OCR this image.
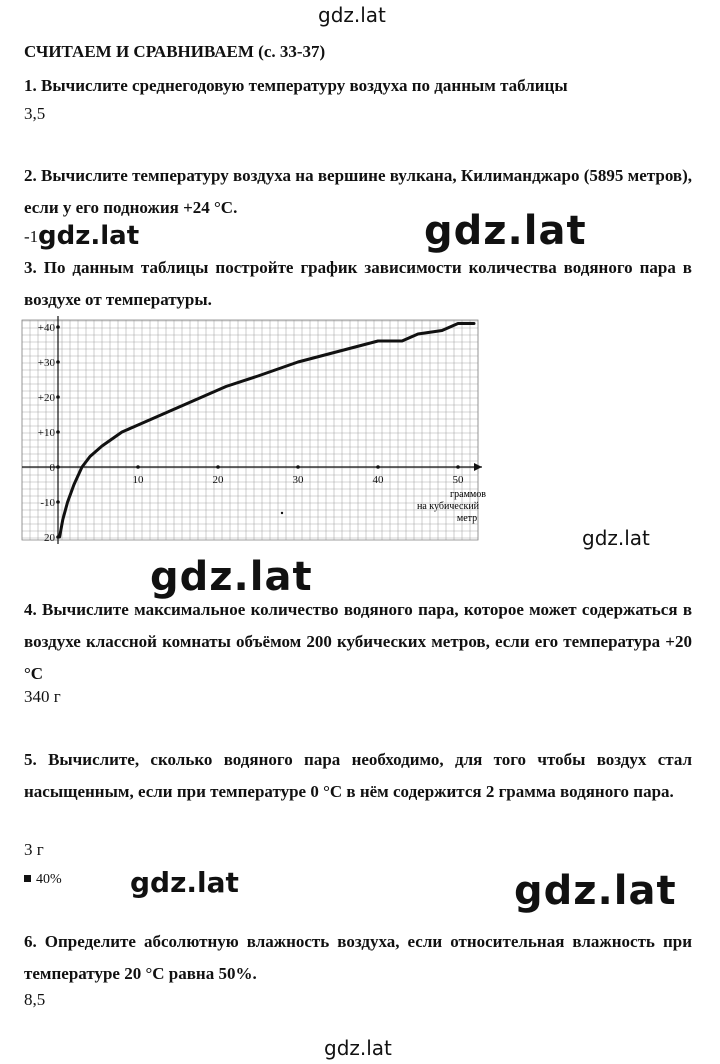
gdz.lat
СЧИТАЕМ И СРАВНИВАЕМ (с. 33-37)
1. Вычислите среднегодовую температуру воздуха по данным таблицы
3,5
2. Вычислите температуру воздуха на вершине вулкана, Килиманджаро (5895 метров), если у его подножия +24 °С.
-1 gdz.lat	gdz.lat
3. По данным таблицы постройте график зависимости количества водяного пара в воздухе от температуры.
+40
+30
+20
+10
0
-10
20
10	20	30	40	50
граммов
на кубический
метр
gdz.lat
gdz.lat
4. Вычислите максимальное количество водяного пара, которое может содержаться в воздухе классной комнаты объёмом 200 кубических метров, если его температура +20 °С
340 г
5. Вычислите, сколько водяного пара необходимо, для того чтобы воздух стал насыщенным, если при температуре 0 °С в нём содержится 2 грамма водяного пара.
3 г
40% gdz.lat	gdz.lat
6. Определите абсолютную влажность воздуха, если относительная влажность при температуре 20 °С равна 50%.
8,5
gdz.lat
